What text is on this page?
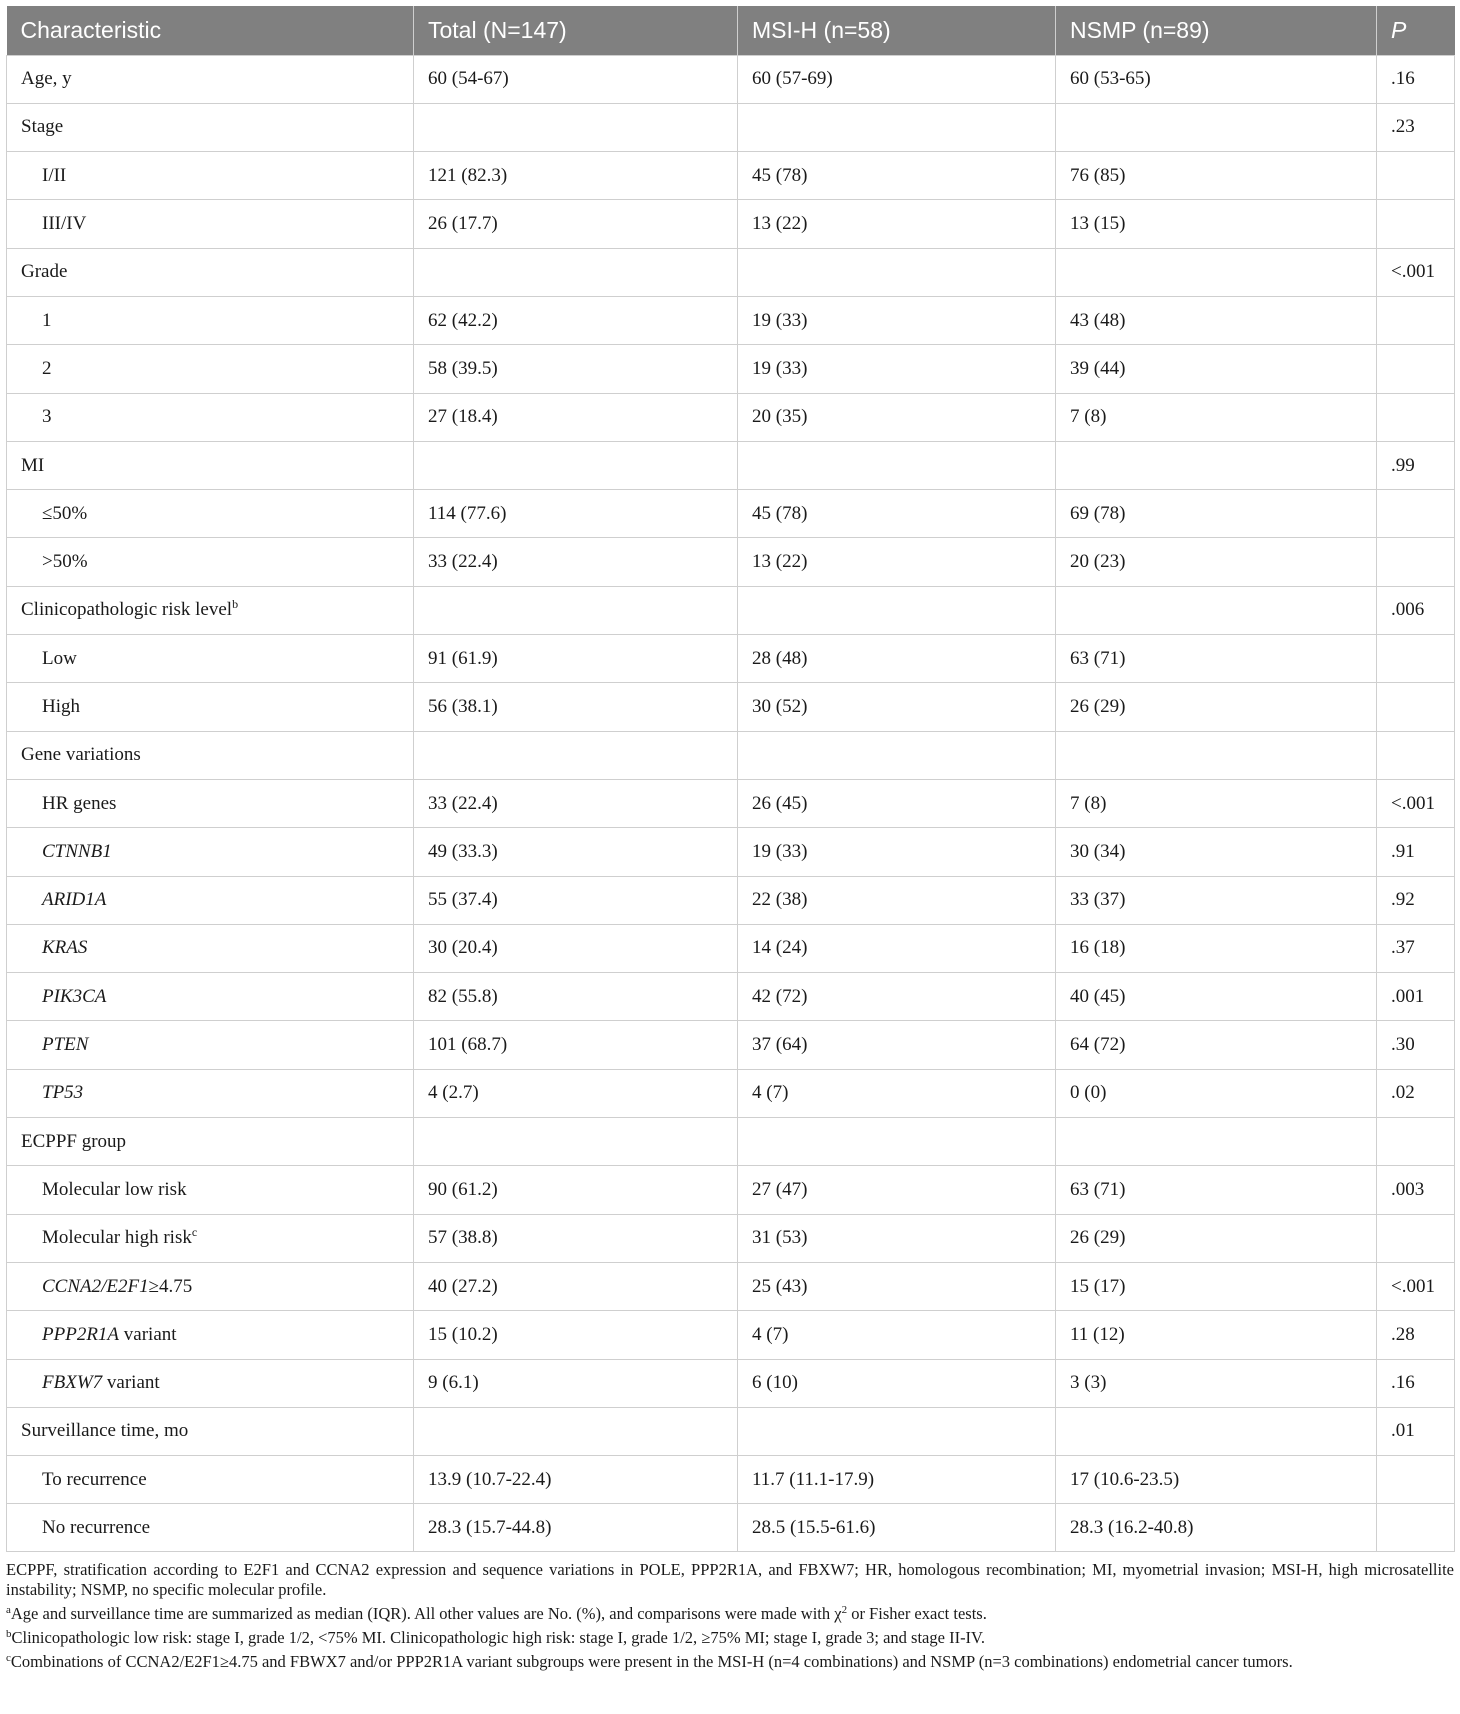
Characteristic	Total (N=147)	MSI-H (n=58)	NSMP (n=89)	P
Age, y	60 (54-67)	60 (57-69)	60 (53-65)	.16
Stage				.23
I/II	121 (82.3)	45 (78)	76 (85)	
III/IV	26 (17.7)	13 (22)	13 (15)	
Grade				<.001
1	62 (42.2)	19 (33)	43 (48)	
2	58 (39.5)	19 (33)	39 (44)	
3	27 (18.4)	20 (35)	7 (8)	
MI				.99
≤50%	114 (77.6)	45 (78)	69 (78)	
>50%	33 (22.4)	13 (22)	20 (23)	
Clinicopathologic risk level$^b$				.006
Low	91 (61.9)	28 (48)	63 (71)	
High	56 (38.1)	30 (52)	26 (29)	
Gene variations				
HR genes	33 (22.4)	26 (45)	7 (8)	<.001
CTNNB1	49 (33.3)	19 (33)	30 (34)	.91
ARID1A	55 (37.4)	22 (38)	33 (37)	.92
KRAS	30 (20.4)	14 (24)	16 (18)	.37
PIK3CA	82 (55.8)	42 (72)	40 (45)	.001
PTEN	101 (68.7)	37 (64)	64 (72)	.30
TP53	4 (2.7)	4 (7)	0 (0)	.02
ECPPF group				
Molecular low risk	90 (61.2)	27 (47)	63 (71)	.003
Molecular high risk$^c$	57 (38.8)	31 (53)	26 (29)	
CCNA2/E2F1≥4.75	40 (27.2)	25 (43)	15 (17)	<.001
PPP2R1A variant	15 (10.2)	4 (7)	11 (12)	.28
FBXW7 variant	9 (6.1)	6 (10)	3 (3)	.16
Surveillance time, mo				.01
To recurrence	13.9 (10.7-22.4)	11.7 (11.1-17.9)	17 (10.6-23.5)	
No recurrence	28.3 (15.7-44.8)	28.5 (15.5-61.6)	28.3 (16.2-40.8)	

ECPPF, stratification according to E2F1 and CCNA2 expression and sequence variations in POLE, PPP2R1A, and FBXW7; HR, homologous recombination; MI, myometrial invasion; MSI-H, high microsatellite instability; NSMP, no specific molecular profile.

$^a$Age and surveillance time are summarized as median (IQR). All other values are No. (%), and comparisons were made with $\chi^2$ or Fisher exact tests.

$^b$Clinicopathologic low risk: stage I, grade 1/2, <75% MI. Clinicopathologic high risk: stage I, grade 1/2, ≥75% MI; stage I, grade 3; and stage II-IV.

$^c$Combinations of CCNA2/E2F1≥4.75 and FBWX7 and/or PPP2R1A variant subgroups were present in the MSI-H (n=4 combinations) and NSMP (n=3 combinations) endometrial cancer tumors.
